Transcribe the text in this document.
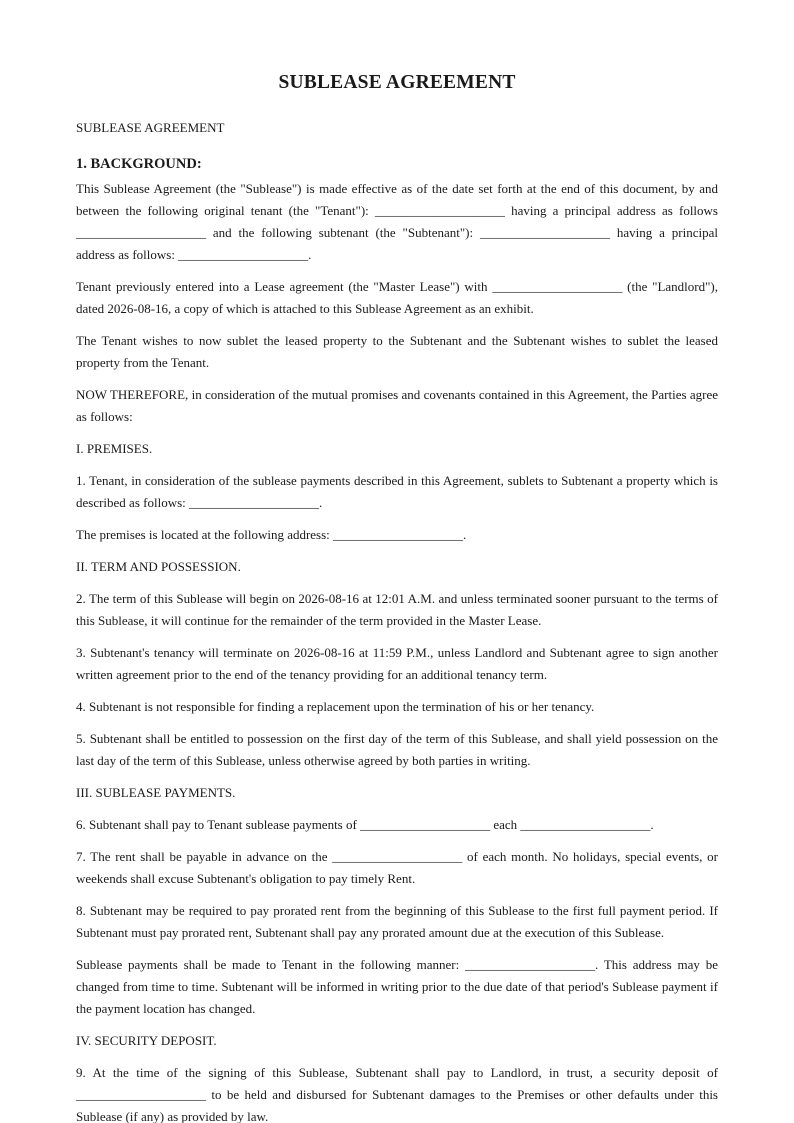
SUBLEASE AGREEMENT

SUBLEASE AGREEMENT

1. BACKGROUND:

This Sublease Agreement (the "Sublease") is made effective as of the date set forth at the end of this document, by and between the following original tenant (the "Tenant"): ____________________ having a principal address as follows ____________________ and the following subtenant (the "Subtenant"): ____________________ having a principal address as follows: ____________________.

Tenant previously entered into a Lease agreement (the "Master Lease") with ____________________ (the "Landlord"), dated 2026-08-16, a copy of which is attached to this Sublease Agreement as an exhibit.

The Tenant wishes to now sublet the leased property to the Subtenant and the Subtenant wishes to sublet the leased property from the Tenant.

NOW THEREFORE, in consideration of the mutual promises and covenants contained in this Agreement, the Parties agree as follows:

I. PREMISES.

1. Tenant, in consideration of the sublease payments described in this Agreement, sublets to Subtenant a property which is described as follows: ____________________.

The premises is located at the following address: ____________________.

II. TERM AND POSSESSION.

2. The term of this Sublease will begin on 2026-08-16 at 12:01 A.M. and unless terminated sooner pursuant to the terms of this Sublease, it will continue for the remainder of the term provided in the Master Lease.

3. Subtenant's tenancy will terminate on 2026-08-16 at 11:59 P.M., unless Landlord and Subtenant agree to sign another written agreement prior to the end of the tenancy providing for an additional tenancy term.

4. Subtenant is not responsible for finding a replacement upon the termination of his or her tenancy.

5. Subtenant shall be entitled to possession on the first day of the term of this Sublease, and shall yield possession on the last day of the term of this Sublease, unless otherwise agreed by both parties in writing.

III. SUBLEASE PAYMENTS.

6. Subtenant shall pay to Tenant sublease payments of ____________________ each ____________________.

7. The rent shall be payable in advance on the ____________________ of each month. No holidays, special events, or weekends shall excuse Subtenant's obligation to pay timely Rent.

8. Subtenant may be required to pay prorated rent from the beginning of this Sublease to the first full payment period. If Subtenant must pay prorated rent, Subtenant shall pay any prorated amount due at the execution of this Sublease.

Sublease payments shall be made to Tenant in the following manner: ____________________. This address may be changed from time to time. Subtenant will be informed in writing prior to the due date of that period's Sublease payment if the payment location has changed.

IV. SECURITY DEPOSIT.

9. At the time of the signing of this Sublease, Subtenant shall pay to Landlord, in trust, a security deposit of ____________________ to be held and disbursed for Subtenant damages to the Premises or other defaults under this Sublease (if any) as provided by law.
